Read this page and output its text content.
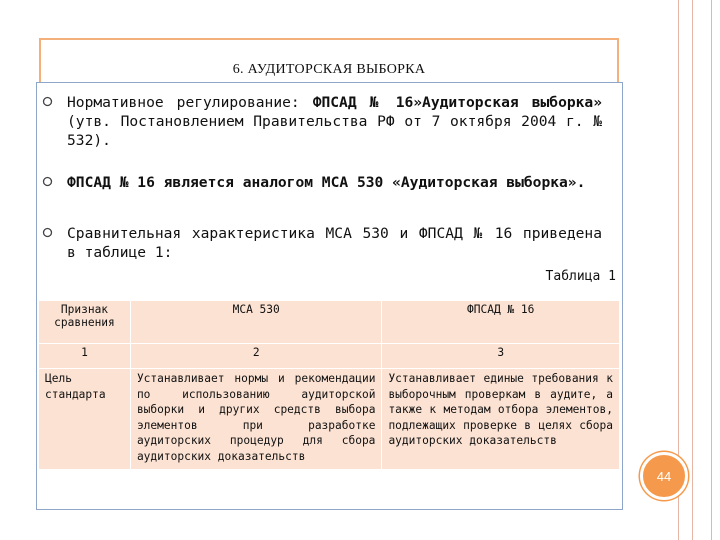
6. АУДИТОРСКАЯ ВЫБОРКА
Нормативное регулирование: ФПСАД № 16»Аудиторская выборка» (утв. Постановлением Правительства РФ от 7 октября 2004 г. № 532).
ФПСАД № 16 является аналогом МСА 530 «Аудиторская выборка».
Сравнительная характеристика МСА 530 и ФПСАД № 16 приведена в таблице 1:
Таблица 1
Признак сравнения	МСА 530	ФПСАД № 16
1	2	3
Цель стандарта	Устанавливает нормы и рекомендации по использованию аудиторской выборки и других средств выбора элементов при разработке аудиторских процедур для сбора аудиторских доказательств	Устанавливает единые требования к выборочным проверкам в аудите, а также к методам отбора элементов, подлежащих проверке в целях сбора аудиторских доказательств
44
